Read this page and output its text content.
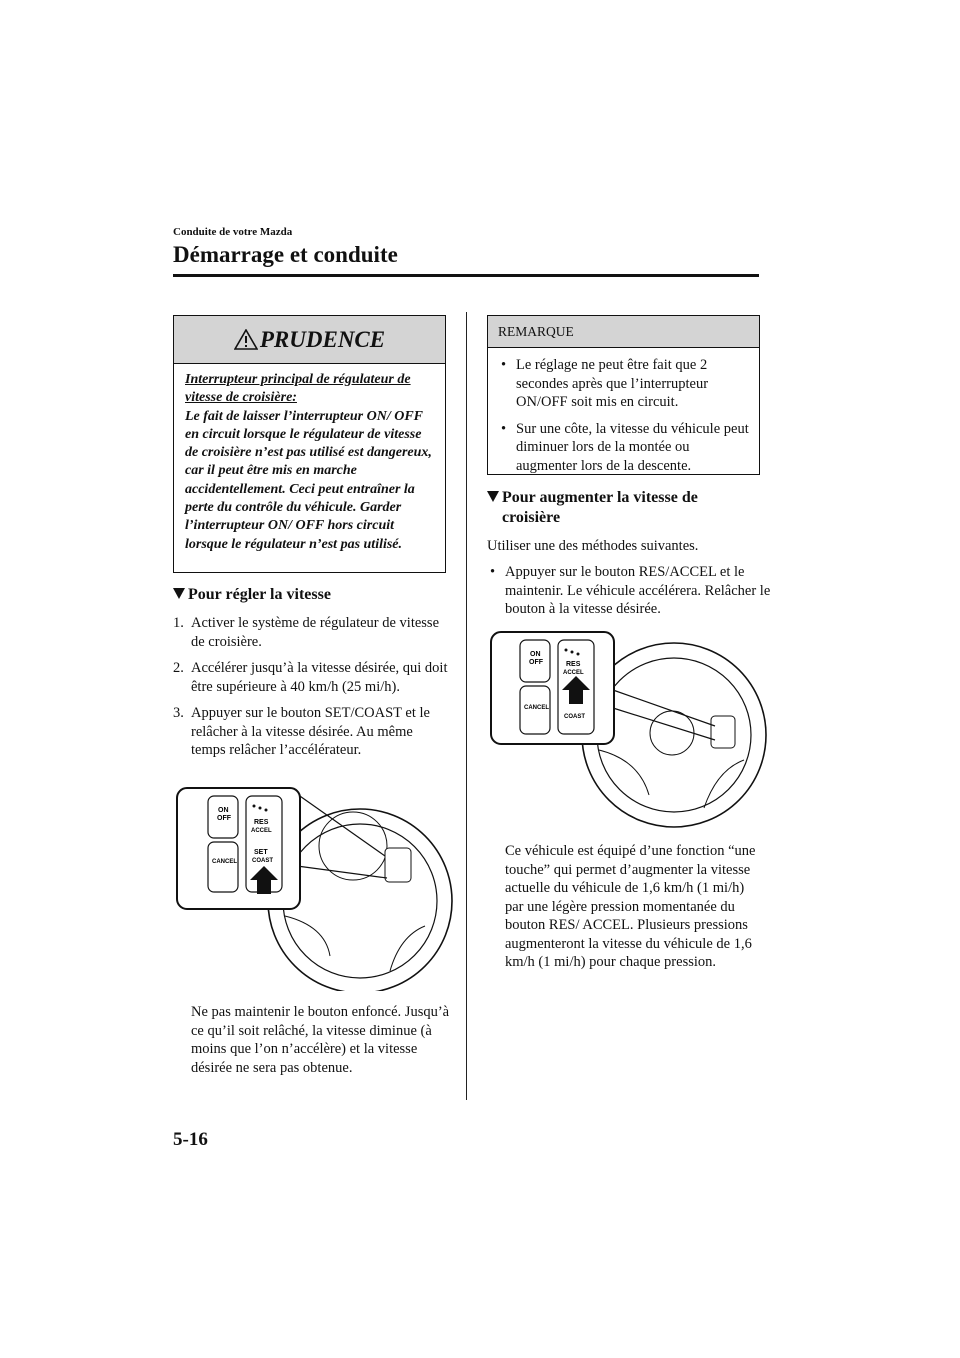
Conduite de votre Mazda
Démarrage et conduite
PRUDENCE
Interrupteur principal de régulateur de vitesse de croisière:
Le fait de laisser l’interrupteur ON/ OFF en circuit lorsque le régulateur de vitesse de croisière n’est pas utilisé est dangereux, car il peut être mis en marche accidentellement. Ceci peut entraîner la perte du contrôle du véhicule. Garder l’interrupteur ON/ OFF hors circuit lorsque le régulateur n’est pas utilisé.
Pour régler la vitesse
1. Activer le système de régulateur de vitesse de croisière.
2. Accélérer jusqu’à la vitesse désirée, qui doit être supérieure à 40 km/h (25 mi/h).
3. Appuyer sur le bouton SET/COAST et le relâcher à la vitesse désirée. Au même temps relâcher l’accélérateur.
ON
OFF
CANCEL
RES
ACCEL
SET
COAST

Ne pas maintenir le bouton enfoncé. Jusqu’à ce qu’il soit relâché, la vitesse diminue (à moins que l’on n’accélère) et la vitesse désirée ne sera pas obtenue.

REMARQUE
• Le réglage ne peut être fait que 2 secondes après que l’interrupteur ON/OFF soit mis en circuit.
• Sur une côte, la vitesse du véhicule peut diminuer lors de la montée ou augmenter lors de la descente.
Pour augmenter la vitesse de
croisière

Utiliser une des méthodes suivantes.

• Appuyer sur le bouton RES/ACCEL et le maintenir. Le véhicule accélérera. Relâcher le bouton à la vitesse désirée.
ON
OFF
CANCEL
RES
ACCEL
COAST

Ce véhicule est équipé d’une fonction “une touche” qui permet d’augmenter la vitesse actuelle du véhicule de 1,6 km/h (1 mi/h) par une légère pression momentanée du bouton RES/ ACCEL. Plusieurs pressions augmenteront la vitesse du véhicule de 1,6 km/h (1 mi/h) pour chaque pression.

5-16
